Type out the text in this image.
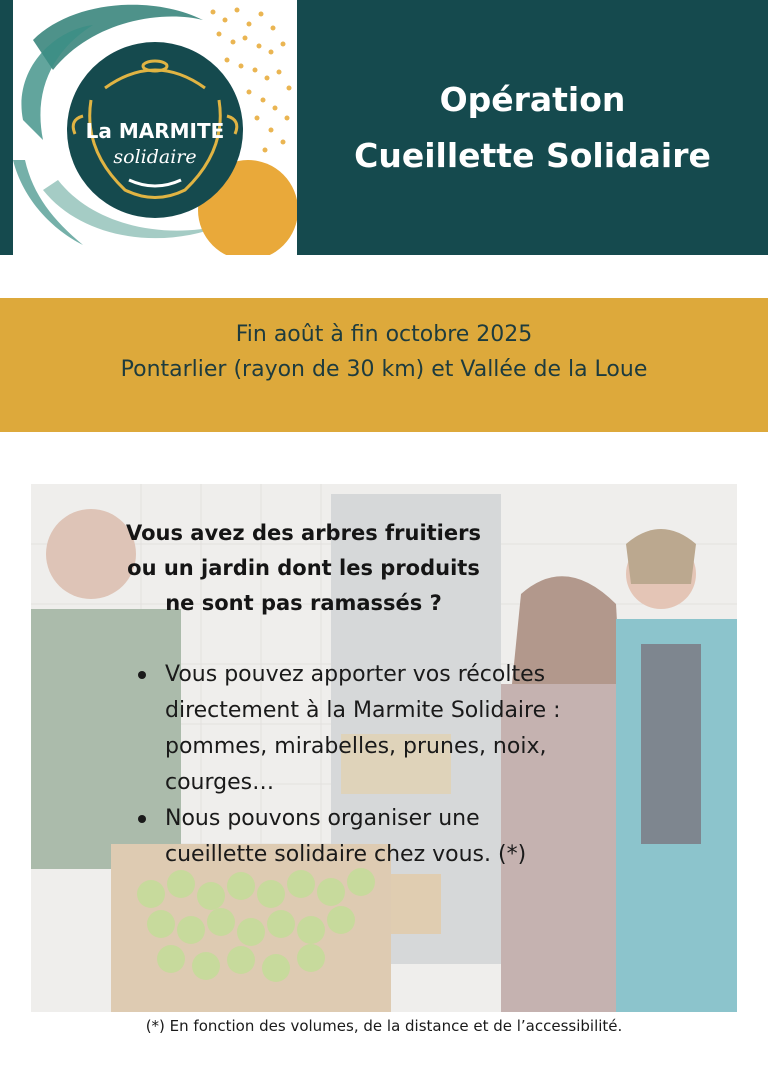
La MARMITE
solidaire
Opération
Cueillette Solidaire
Fin août à fin octobre 2025
Pontarlier (rayon de 30 km) et Vallée de la Loue
Vous avez des arbres fruitiers
ou un jardin dont les produits
ne sont pas ramassés ?
Vous pouvez apporter vos récoltes
directement à la Marmite Solidaire :
pommes, mirabelles, prunes, noix,
courges…
Nous pouvons organiser une
cueillette solidaire chez vous. (*)
(*) En fonction des volumes, de la distance et de l’accessibilité.
